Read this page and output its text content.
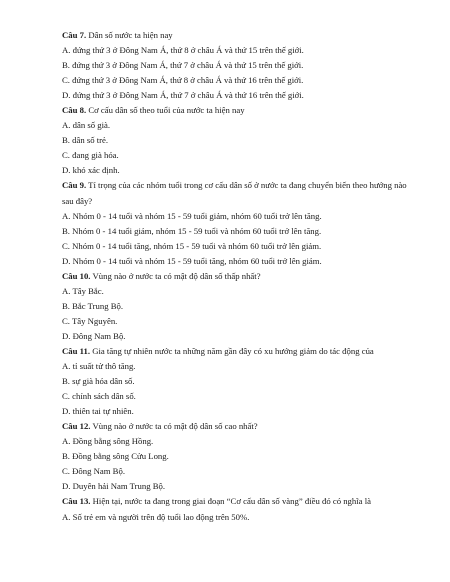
Câu 7. Dân số nước ta hiện nay
A. đứng thứ 3 ở Đông Nam Á, thứ 8 ở châu Á và thứ 15 trên thế giới.
B. đứng thứ 3 ở Đông Nam Á, thứ 7 ở châu Á và thứ 15 trên thế giới.
C. đứng thứ 3 ở Đông Nam Á, thứ 8 ở châu Á và thứ 16 trên thế giới.
D. đứng thứ 3 ở Đông Nam Á, thứ 7 ở châu Á và thứ 16 trên thế giới.
Câu 8. Cơ cấu dân số theo tuổi của nước ta hiện nay
A. dân số già.
B. dân số trẻ.
C. đang già hóa.
D. khó xác định.
Câu 9. Tỉ trọng của các nhóm tuổi trong cơ cấu dân số ở nước ta đang chuyển biến theo hướng nào sau đây?
A. Nhóm 0 - 14 tuổi và nhóm 15 - 59 tuổi giảm, nhóm 60 tuổi trở lên tăng.
B. Nhóm 0 - 14 tuổi giảm, nhóm 15 - 59 tuổi và nhóm 60 tuổi trở lên tăng.
C. Nhóm 0 - 14 tuổi tăng, nhóm 15 - 59 tuổi và nhóm 60 tuổi trở lên giảm.
D. Nhóm 0 - 14 tuổi và nhóm 15 - 59 tuổi tăng, nhóm 60 tuổi trở lên giảm.
Câu 10. Vùng nào ở nước ta có mật độ dân số thấp nhất?
A. Tây Bắc.
B. Bắc Trung Bộ.
C. Tây Nguyên.
D. Đông Nam Bộ.
Câu 11. Gia tăng tự nhiên nước ta những năm gần đây có xu hướng giảm do tác động của
A. tỉ suất tử thô tăng.
B. sự già hóa dân số.
C. chính sách dân số.
D. thiên tai tự nhiên.
Câu 12. Vùng nào ở nước ta có mật độ dân số cao nhất?
A. Đồng bằng sông Hồng.
B. Đồng bằng sông Cửu Long.
C. Đông Nam Bộ.
D. Duyên hải Nam Trung Bộ.
Câu 13. Hiện tại, nước ta đang trong giai đoạn “Cơ cấu dân số vàng” điều đó có nghĩa là
A. Số trẻ em và người trên độ tuổi lao động trên 50%.
